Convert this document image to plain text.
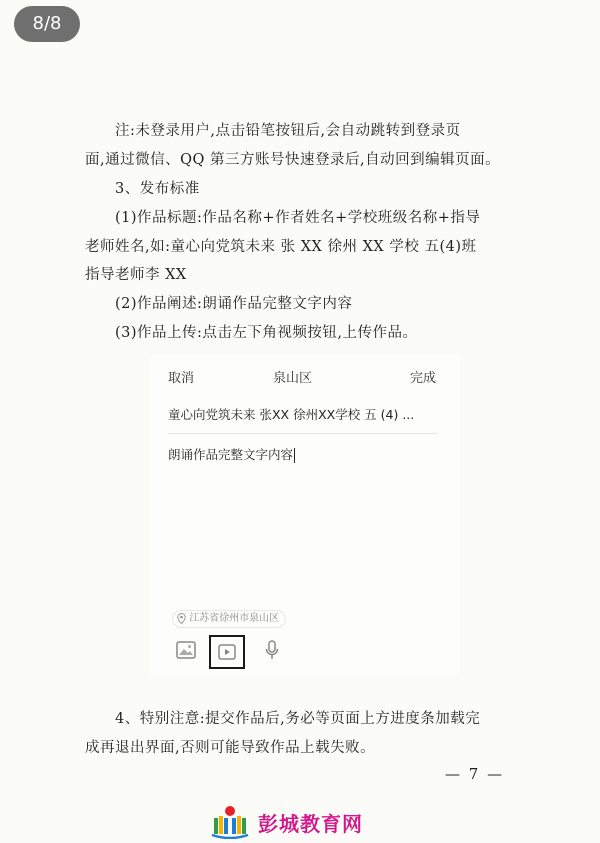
8/8
注:未登录用户,点击铅笔按钮后,会自动跳转到登录页
面,通过微信、QQ 第三方账号快速登录后,自动回到编辑页面。
3、发布标准
(1)作品标题:作品名称+作者姓名+学校班级名称+指导
老师姓名,如:童心向党筑未来 张 XX 徐州 XX 学校 五(4)班
指导老师李 XX
(2)作品阐述:朗诵作品完整文字内容
(3)作品上传:点击左下角视频按钮,上传作品。
取消	泉山区	完成
童心向党筑未来 张XX 徐州XX学校 五 (4) ...
朗诵作品完整文字内容
江苏省徐州市泉山区
4、特别注意:提交作品后,务必等页面上方进度条加载完
成再退出界面,否则可能导致作品上载失败。
— 7 —
彭城教育网
